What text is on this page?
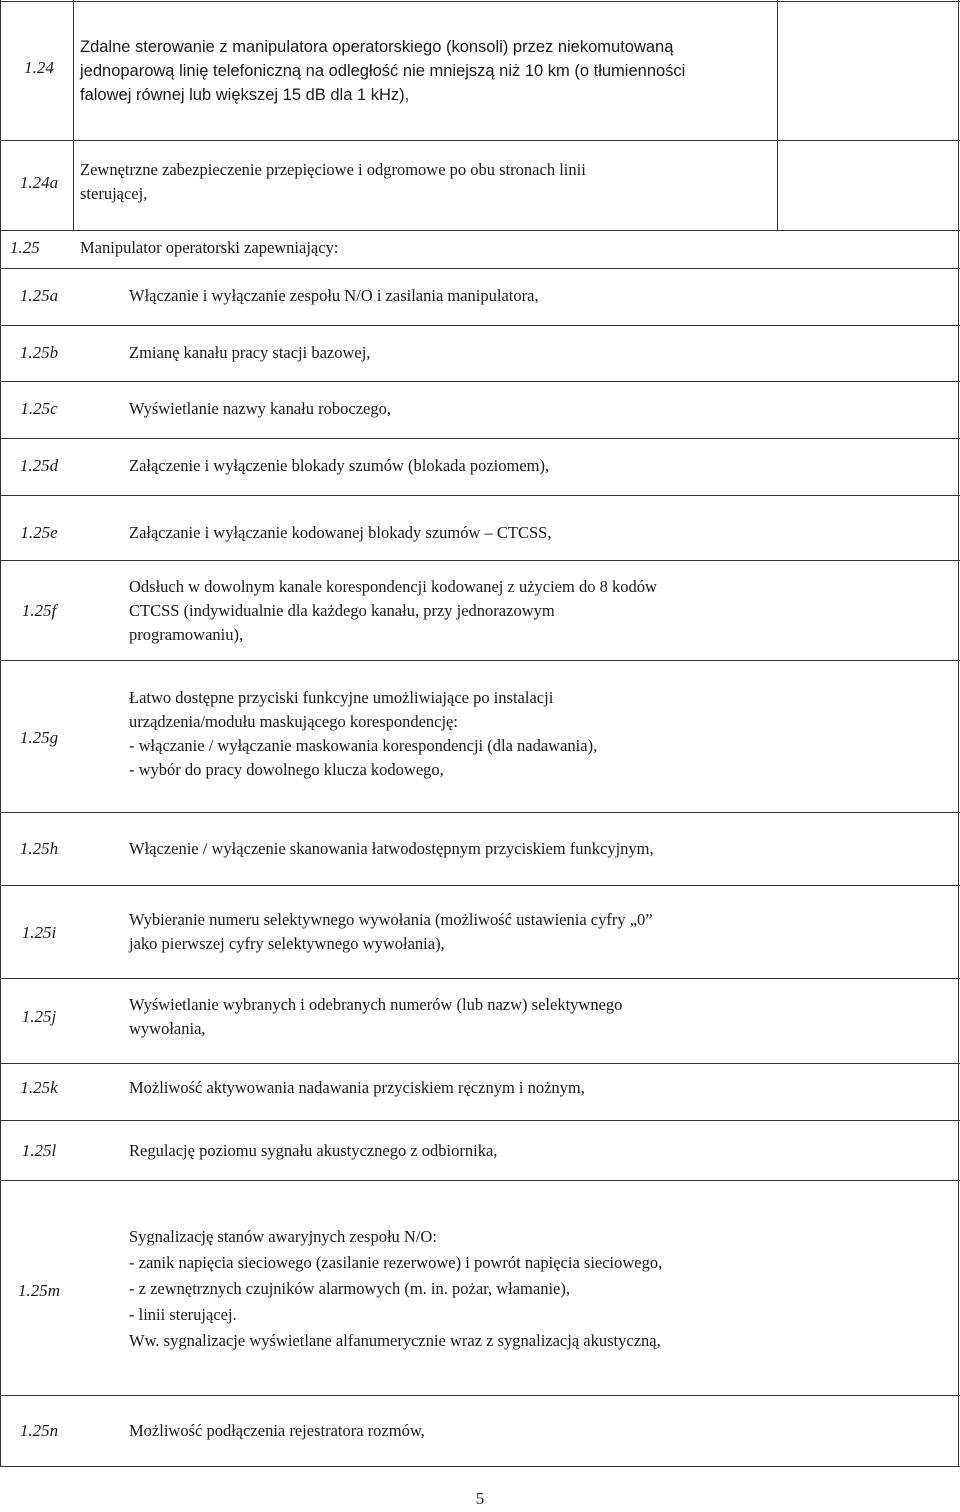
1.24
Zdalne sterowanie z manipulatora operatorskiego (konsoli) przez niekomutowaną
jednoparową linię telefoniczną na odległość nie mniejszą niż 10 km (o tłumienności
falowej równej lub większej 15 dB dla 1 kHz),
1.24a
Zewnętrzne zabezpieczenie przepięciowe i odgromowe po obu stronach linii
sterującej,
1.25 Manipulator operatorski zapewniający:
1.25a	Włączanie i wyłączanie zespołu N/O i zasilania manipulatora,
1.25b	Zmianę kanału pracy stacji bazowej,
1.25c	Wyświetlanie nazwy kanału roboczego,
1.25d	Załączenie i wyłączenie blokady szumów (blokada poziomem),
1.25e	Załączanie i wyłączanie kodowanej blokady szumów – CTCSS,
1.25f
Odsłuch w dowolnym kanale korespondencji kodowanej z użyciem do 8 kodów
CTCSS (indywidualnie dla każdego kanału, przy jednorazowym
programowaniu),
1.25g
Łatwo dostępne przyciski funkcyjne umożliwiające po instalacji
urządzenia/modułu maskującego korespondencję:
- włączanie / wyłączanie maskowania korespondencji (dla nadawania),
- wybór do pracy dowolnego klucza kodowego,
1.25h	Włączenie / wyłączenie skanowania łatwodostępnym przyciskiem funkcyjnym,
1.25i
Wybieranie numeru selektywnego wywołania (możliwość ustawienia cyfry „0”
jako pierwszej cyfry selektywnego wywołania),
1.25j
Wyświetlanie wybranych i odebranych numerów (lub nazw) selektywnego
wywołania,
1.25k	Możliwość aktywowania nadawania przyciskiem ręcznym i nożnym,
1.25l	Regulację poziomu sygnału akustycznego z odbiornika,
1.25m
Sygnalizację stanów awaryjnych zespołu N/O:
- zanik napięcia sieciowego (zasilanie rezerwowe) i powrót napięcia sieciowego,
- z zewnętrznych czujników alarmowych (m. in. pożar, włamanie),
- linii sterującej.
Ww. sygnalizacje wyświetlane alfanumerycznie wraz z sygnalizacją akustyczną,
1.25n	Możliwość podłączenia rejestratora rozmów,
5
